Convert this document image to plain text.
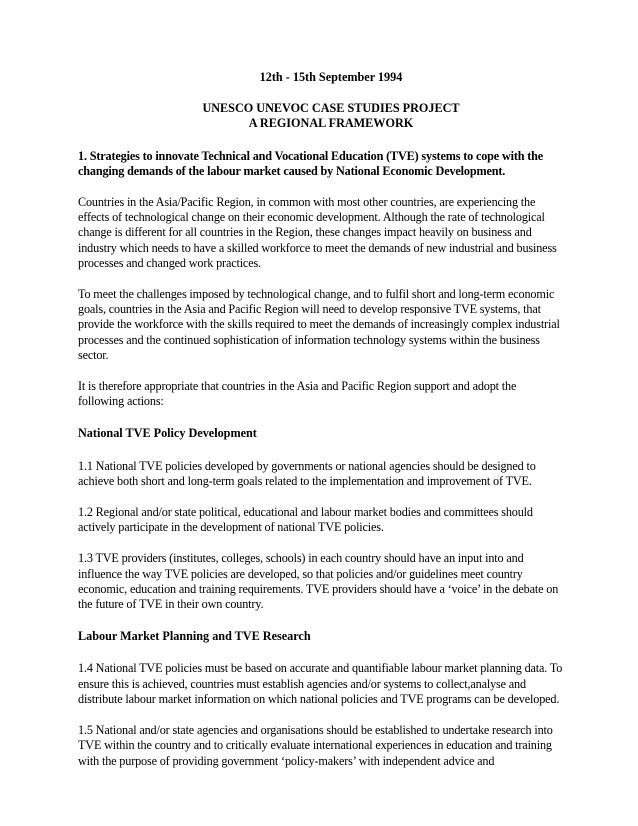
12th - 15th September 1994

UNESCO UNEVOC CASE STUDIES PROJECT

A REGIONAL FRAMEWORK

1. Strategies to innovate Technical and Vocational Education (TVE) systems to cope with the changing demands of the labour market caused by National Economic Development.

Countries in the Asia/Pacific Region, in common with most other countries, are experiencing the effects of technological change on their economic development. Although the rate of technological change is different for all countries in the Region, these changes impact heavily on business and industry which needs to have a skilled workforce to meet the demands of new industrial and business processes and changed work practices.

To meet the challenges imposed by technological change, and to fulfil short and long-term economic goals, countries in the Asia and Pacific Region will need to develop responsive TVE systems, that provide the workforce with the skills required to meet the demands of increasingly complex industrial processes and the continued sophistication of information technology systems within the business sector.

It is therefore appropriate that countries in the Asia and Pacific Region support and adopt the following actions:

National TVE Policy Development

1.1 National TVE policies developed by governments or national agencies should be designed to achieve both short and long-term goals related to the implementation and improvement of TVE.

1.2 Regional and/or state political, educational and labour market bodies and committees should actively participate in the development of national TVE policies.

1.3 TVE providers (institutes, colleges, schools) in each country should have an input into and influence the way TVE policies are developed, so that policies and/or guidelines meet country economic, education and training requirements. TVE providers should have a ‘voice’ in the debate on the future of TVE in their own country.

Labour Market Planning and TVE Research

1.4 National TVE policies must be based on accurate and quantifiable labour market planning data. To ensure this is achieved, countries must establish agencies and/or systems to collect,analyse and distribute labour market information on which national policies and TVE programs can be developed.

1.5 National and/or state agencies and organisations should be established to undertake research into TVE within the country and to critically evaluate international experiences in education and training with the purpose of providing government ‘policy-makers’ with independent advice and
